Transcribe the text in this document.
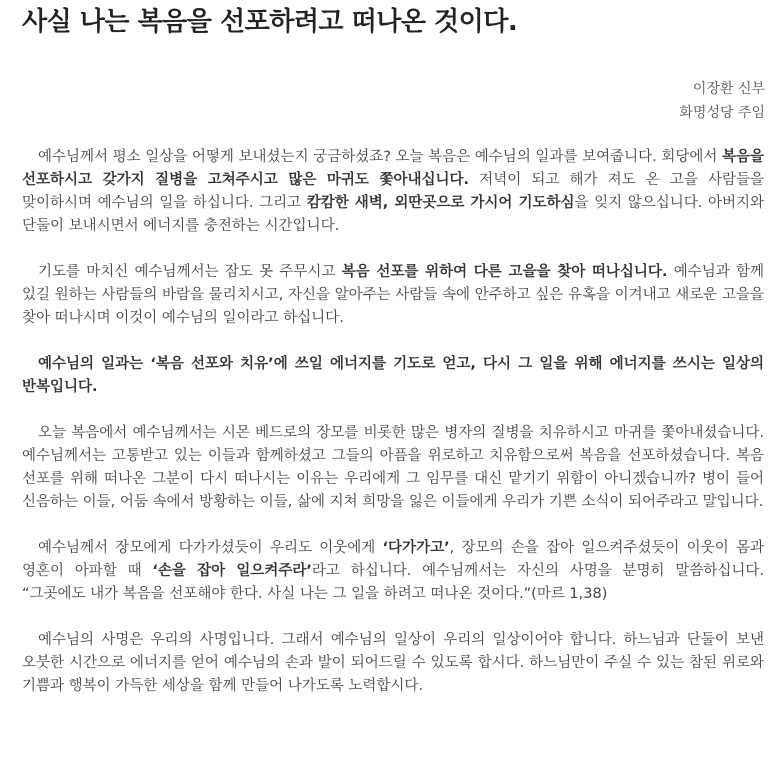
사실 나는 복음을 선포하려고 떠나온 것이다.
이장환 신부
화명성당 주임

예수님께서 평소 일상을 어떻게 보내셨는지 궁금하셨죠? 오늘 복음은 예수님의 일과를 보여줍니다. 회당에서 복음을 선포하시고 갖가지 질병을 고쳐주시고 많은 마귀도 쫓아내십니다. 저녁이 되고 해가 져도 온 고을 사람들을 맞이하시며 예수님의 일을 하십니다. 그리고 캄캄한 새벽, 외딴곳으로 가시어 기도하심을 잊지 않으십니다. 아버지와 단둘이 보내시면서 에너지를 충전하는 시간입니다.

기도를 마치신 예수님께서는 잠도 못 주무시고 복음 선포를 위하여 다른 고을을 찾아 떠나십니다. 예수님과 함께 있길 원하는 사람들의 바람을 물리치시고, 자신을 알아주는 사람들 속에 안주하고 싶은 유혹을 이겨내고 새로운 고을을 찾아 떠나시며 이것이 예수님의 일이라고 하십니다.

예수님의 일과는 ‘복음 선포와 치유’에 쓰일 에너지를 기도로 얻고, 다시 그 일을 위해 에너지를 쓰시는 일상의 반복입니다.

오늘 복음에서 예수님께서는 시몬 베드로의 장모를 비롯한 많은 병자의 질병을 치유하시고 마귀를 쫓아내셨습니다. 예수님께서는 고통받고 있는 이들과 함께하셨고 그들의 아픔을 위로하고 치유함으로써 복음을 선포하셨습니다. 복음 선포를 위해 떠나온 그분이 다시 떠나시는 이유는 우리에게 그 임무를 대신 맡기기 위함이 아니겠습니까? 병이 들어 신음하는 이들, 어둠 속에서 방황하는 이들, 삶에 지쳐 희망을 잃은 이들에게 우리가 기쁜 소식이 되어주라고 말입니다.

예수님께서 장모에게 다가가셨듯이 우리도 이웃에게 ‘다가가고’, 장모의 손을 잡아 일으켜주셨듯이 이웃이 몸과 영혼이 아파할 때 ‘손을 잡아 일으켜주라’라고 하십니다. 예수님께서는 자신의 사명을 분명히 말씀하십니다. “그곳에도 내가 복음을 선포해야 한다. 사실 나는 그 일을 하려고 떠나온 것이다.”(마르 1,38)

예수님의 사명은 우리의 사명입니다. 그래서 예수님의 일상이 우리의 일상이어야 합니다. 하느님과 단둘이 보낸 오붓한 시간으로 에너지를 얻어 예수님의 손과 발이 되어드릴 수 있도록 합시다. 하느님만이 주실 수 있는 참된 위로와 기쁨과 행복이 가득한 세상을 함께 만들어 나가도록 노력합시다.
